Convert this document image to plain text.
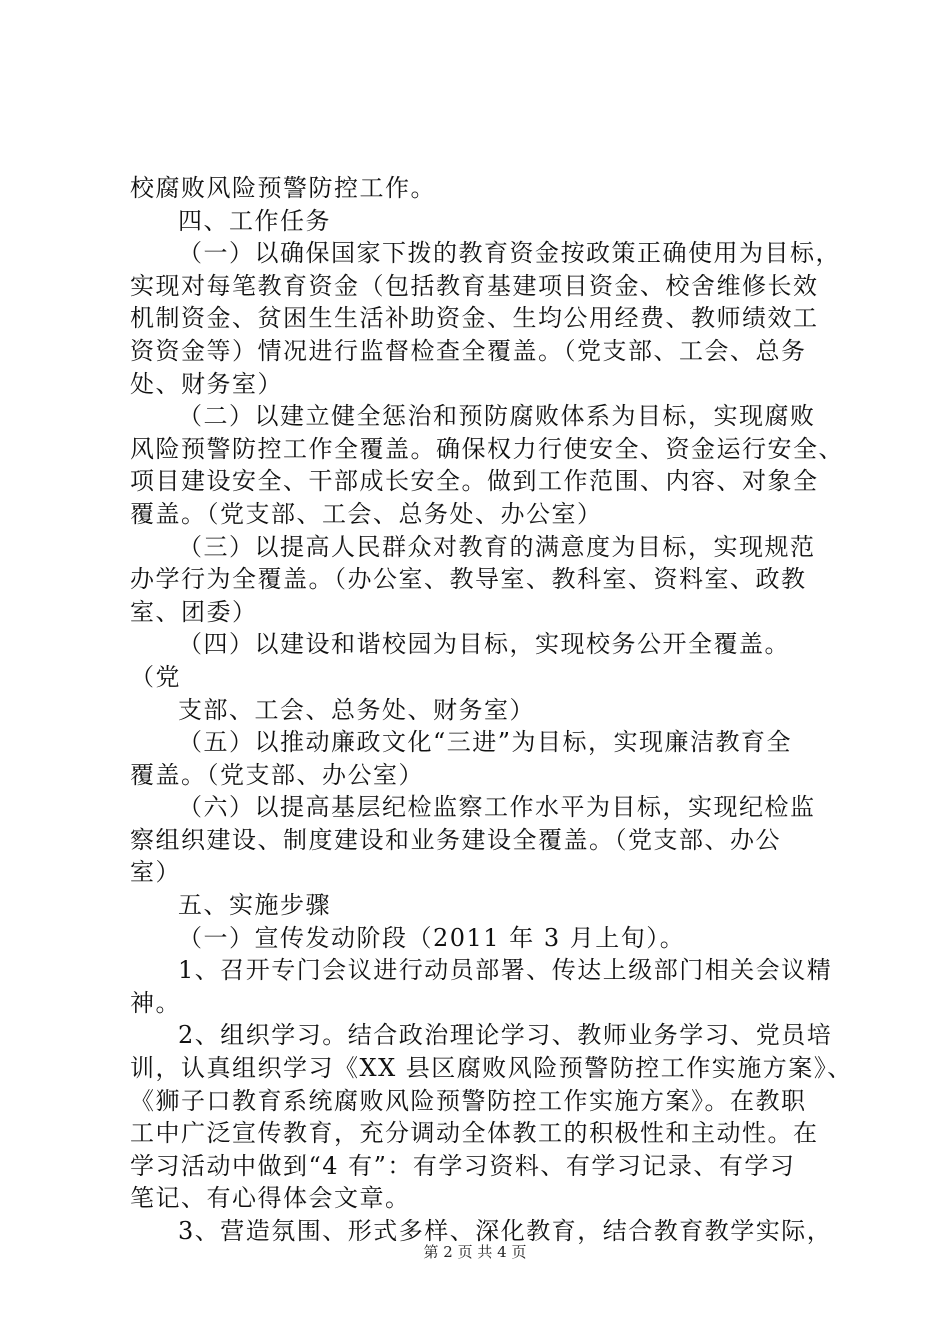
校腐败风险预警防控工作。
四、工作任务
（一）以确保国家下拨的教育资金按政策正确使用为目标，
实现对每笔教育资金（包括教育基建项目资金、校舍维修长效
机制资金、贫困生生活补助资金、生均公用经费、教师绩效工
资资金等）情况进行监督检查全覆盖。（党支部、工会、总务
处、财务室）
（二）以建立健全惩治和预防腐败体系为目标，实现腐败
风险预警防控工作全覆盖。确保权力行使安全、资金运行安全、
项目建设安全、干部成长安全。做到工作范围、内容、对象全
覆盖。（党支部、工会、总务处、办公室）
（三）以提高人民群众对教育的满意度为目标，实现规范
办学行为全覆盖。（办公室、教导室、教科室、资料室、政教
室、团委）
（四）以建设和谐校园为目标，实现校务公开全覆盖。
（党
支部、工会、总务处、财务室）
（五）以推动廉政文化“三进”为目标，实现廉洁教育全
覆盖。（党支部、办公室）
（六）以提高基层纪检监察工作水平为目标，实现纪检监
察组织建设、制度建设和业务建设全覆盖。（党支部、办公
室）
五、实施步骤
（一）宣传发动阶段（2011 年 3 月上旬）。
1、召开专门会议进行动员部署、传达上级部门相关会议精
神。
2、组织学习。结合政治理论学习、教师业务学习、党员培
训，认真组织学习《XX 县区腐败风险预警防控工作实施方案》、
《狮子口教育系统腐败风险预警防控工作实施方案》。在教职
工中广泛宣传教育，充分调动全体教工的积极性和主动性。在
学习活动中做到“4 有”：有学习资料、有学习记录、有学习
笔记、有心得体会文章。
3、营造氛围、形式多样、深化教育，结合教育教学实际，
第 2 页 共 4 页
